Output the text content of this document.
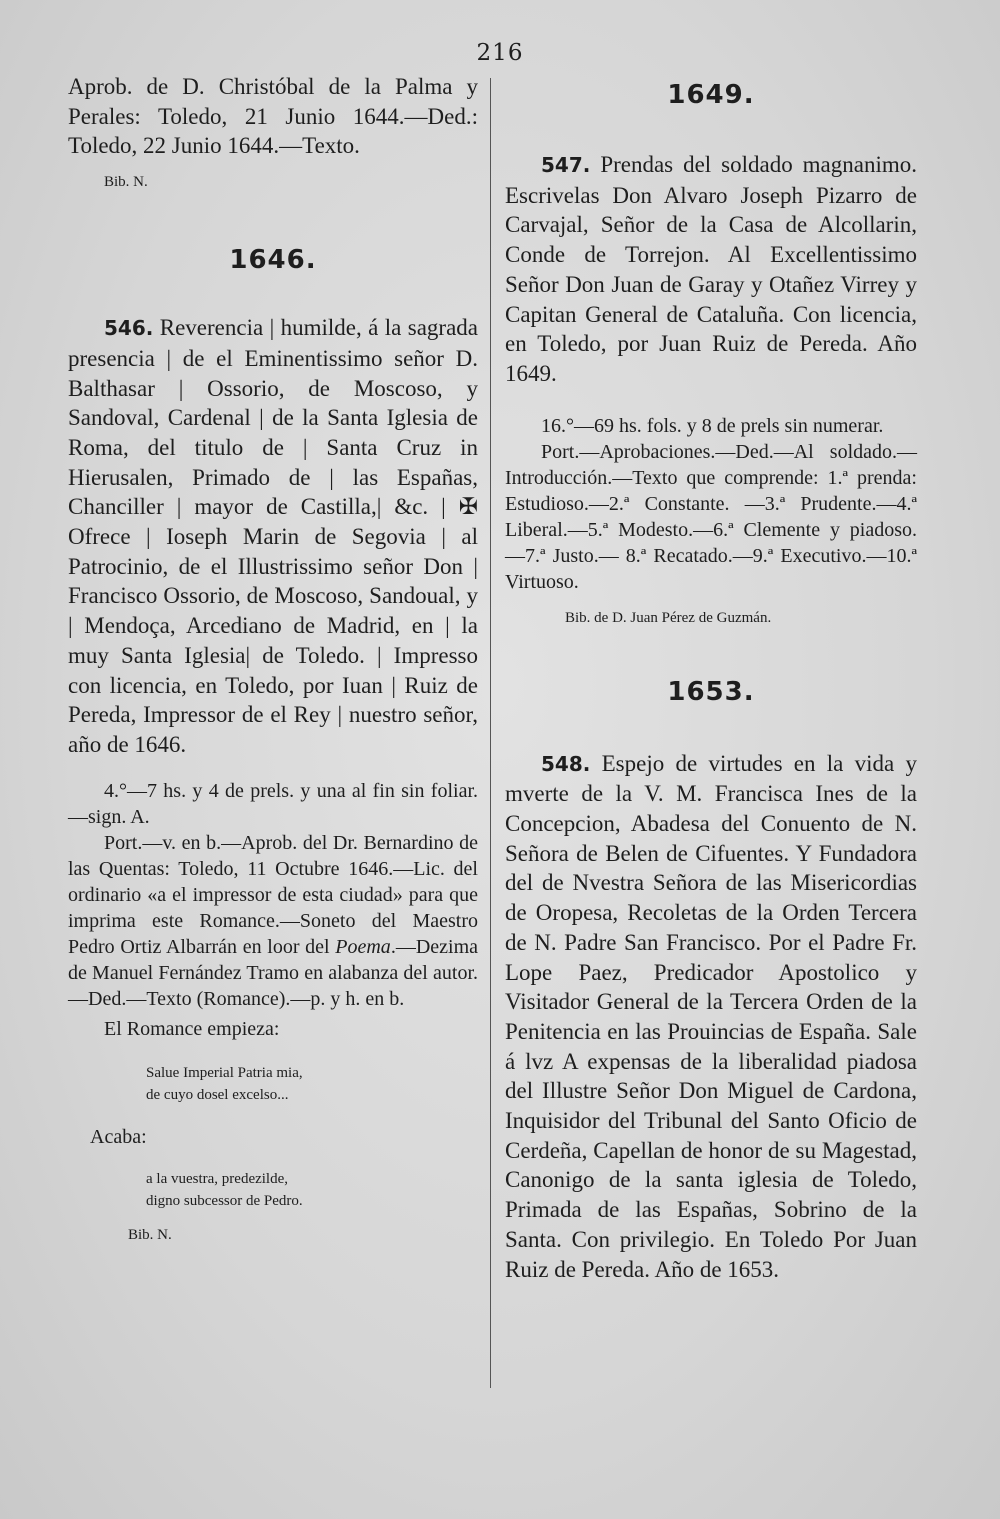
216

Aprob. de D. Christóbal de la Palma y Perales: Toledo, 21 Junio 1644.—Ded.: Toledo, 22 Junio 1644.—Texto.

Bib. N.
1646.

546. Reverencia | humilde, á la sagrada presencia | de el Eminentissimo señor D. Balthasar | Ossorio, de Moscoso, y Sandoval, Cardenal | de la Santa Iglesia de Roma, del titulo de | Santa Cruz in Hierusalen, Primado de | las Españas, Chanciller | mayor de Castilla,| &c. | ✠ Ofrece | Ioseph Marin de Segovia | al Patrocinio, de el Illustrissimo señor Don | Francisco Ossorio, de Moscoso, Sandoual, y | Mendoça, Arcediano de Madrid, en | la muy Santa Iglesia| de Toledo. | Impresso con licencia, en Toledo, por Iuan | Ruiz de Pereda, Impressor de el Rey | nuestro señor, año de 1646.

4.°—7 hs. y 4 de prels. y una al fin sin foliar.—sign. A.

Port.—v. en b.—Aprob. del Dr. Bernardino de las Quentas: Toledo, 11 Octubre 1646.—Lic. del ordinario «a el impressor de esta ciudad» para que imprima este Romance.—Soneto del Maestro Pedro Ortiz Albarrán en loor del Poema.—Dezima de Manuel Fernández Tramo en alabanza del autor.—Ded.—Texto (Romance).—p. y h. en b.

El Romance empieza:

Salue Imperial Patria mia,
de cuyo dosel excelso...

Acaba:

a la vuestra, predezilde,
digno subcessor de Pedro.
Bib. N.
1649.

547. Prendas del soldado magnanimo. Escrivelas Don Alvaro Joseph Pizarro de Carvajal, Señor de la Casa de Alcollarin, Conde de Torrejon. Al Excellentissimo Señor Don Juan de Garay y Otañez Virrey y Capitan General de Cataluña. Con licencia, en Toledo, por Juan Ruiz de Pereda. Año 1649.

16.°—69 hs. fols. y 8 de prels sin numerar.

Port.—Aprobaciones.—Ded.—Al soldado.—Introducción.—Texto que comprende: 1.ª prenda: Estudioso.—2.ª Constante. —3.ª Prudente.—4.ª Liberal.—5.ª Modesto.—6.ª Clemente y piadoso.—7.ª Justo.— 8.ª Recatado.—9.ª Executivo.—10.ª Virtuoso.

Bib. de D. Juan Pérez de Guzmán.
1653.

548. Espejo de virtudes en la vida y mverte de la V. M. Francisca Ines de la Concepcion, Abadesa del Conuento de N. Señora de Belen de Cifuentes. Y Fundadora del de Nvestra Señora de las Misericordias de Oropesa, Recoletas de la Orden Tercera de N. Padre San Francisco. Por el Padre Fr. Lope Paez, Predicador Apostolico y Visitador General de la Tercera Orden de la Penitencia en las Prouincias de España. Sale á lvz A expensas de la liberalidad piadosa del Illustre Señor Don Miguel de Cardona, Inquisidor del Tribunal del Santo Oficio de Cerdeña, Capellan de honor de su Magestad, Canonigo de la santa iglesia de Toledo, Primada de las Españas, Sobrino de la Santa. Con privilegio. En Toledo Por Juan Ruiz de Pereda. Año de 1653.
